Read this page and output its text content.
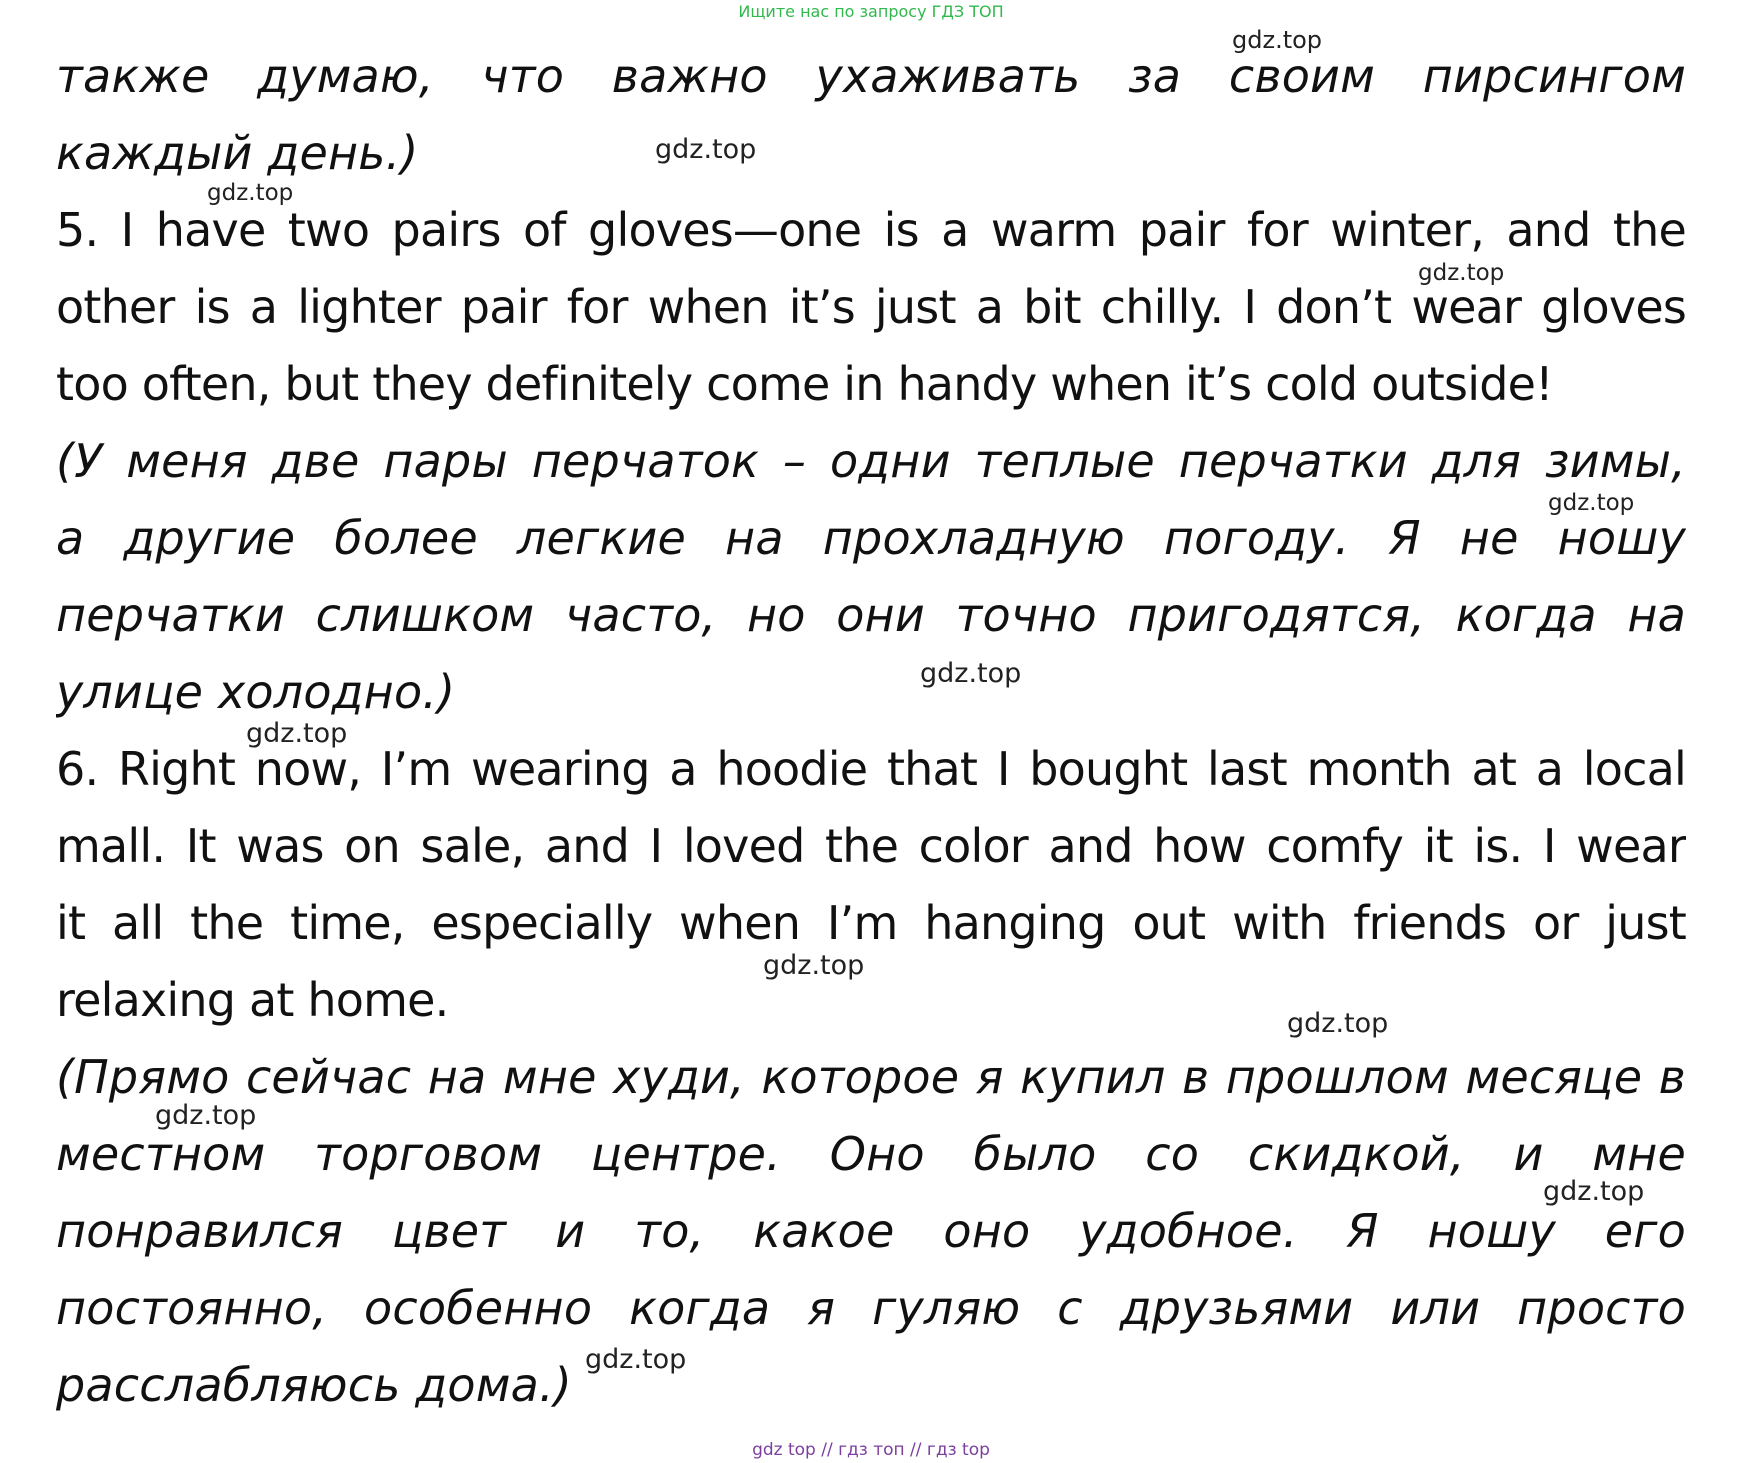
Ищите нас по запросу ГДЗ ТОП
также думаю, что важно ухаживать за своим пирсингом
каждый день.)
5. I have two pairs of gloves—one is a warm pair for winter, and the
other is a lighter pair for when it’s just a bit chilly. I don’t wear gloves
too often, but they definitely come in handy when it’s cold outside!
(У меня две пары перчаток – одни теплые перчатки для зимы,
а другие более легкие на прохладную погоду. Я не ношу
перчатки слишком часто, но они точно пригодятся, когда на
улице холодно.)
6. Right now, I’m wearing a hoodie that I bought last month at a local
mall. It was on sale, and I loved the color and how comfy it is. I wear
it all the time, especially when I’m hanging out with friends or just
relaxing at home.
(Прямо сейчас на мне худи, которое я купил в прошлом месяце в
местном торговом центре. Оно было со скидкой, и мне
понравился цвет и то, какое оно удобное. Я ношу его
постоянно, особенно когда я гуляю с друзьями или просто
расслабляюсь дома.)
gdz.top
gdz.top
gdz.top
gdz.top
gdz.top
gdz.top
gdz.top
gdz.top
gdz.top
gdz.top
gdz.top
gdz.top
gdz top // гдз топ // гдз top
